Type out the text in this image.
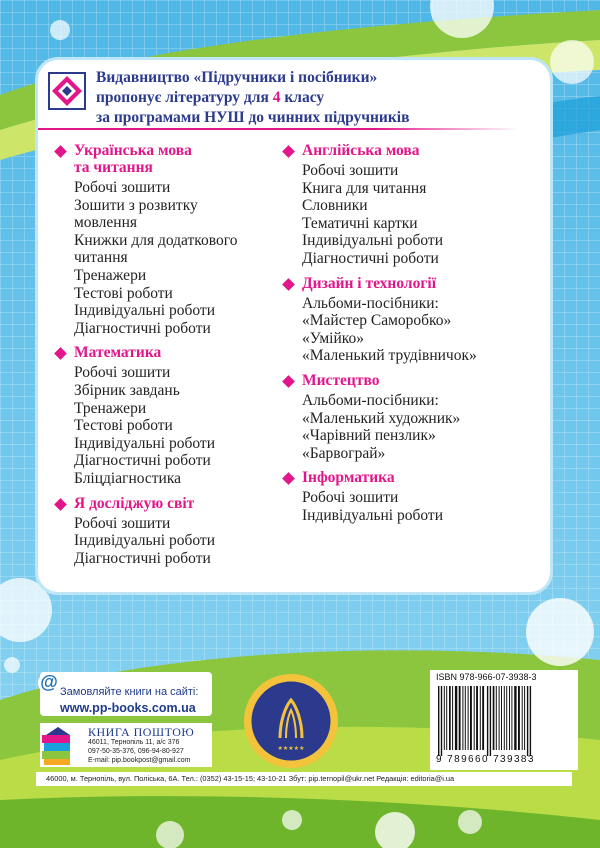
Видавництво «Підручники і посібники»
пропонує літературу для 4 класу
за програмами НУШ до чинних підручників
Українська мова
та читання
Робочі зошити
Зошити з розвитку
мовлення
Книжки для додаткового
читання
Тренажери
Тестові роботи
Індивідуальні роботи
Діагностичні роботи
Математика
Робочі зошити
Збірник завдань
Тренажери
Тестові роботи
Індивідуальні роботи
Діагностичні роботи
Бліцдіагностика
Я досліджую світ
Робочі зошити
Індивідуальні роботи
Діагностичні роботи
Англійська мова
Робочі зошити
Книга для читання
Словники
Тематичні картки
Індивідуальні роботи
Діагностичні роботи
Дизайн і технології
Альбоми-посібники:
«Майстер Саморобко»
«Умійко»
«Маленький трудівничок»
Мистецтво
Альбоми-посібники:
«Маленький художник»
«Чарівний пензлик»
«Барвограй»
Інформатика
Робочі зошити
Індивідуальні роботи
@ Замовляйте книги на сайті:
www.pp-books.com.ua
КНИГА ПОШТОЮ
46011, Тернопіль 11, а/с 376
097-50-35-376, 096-94-80-927
E-mail: pip.bookpost@gmail.com
★★★★★
ISBN 978-966-07-3938-3
9 789660 739383
46000, м. Тернопіль, вул. Поліська, 6А. Тел.: (0352) 43-15-15; 43-10-21 Збут: pip.ternopil@ukr.net Редакція: editoria@i.ua
